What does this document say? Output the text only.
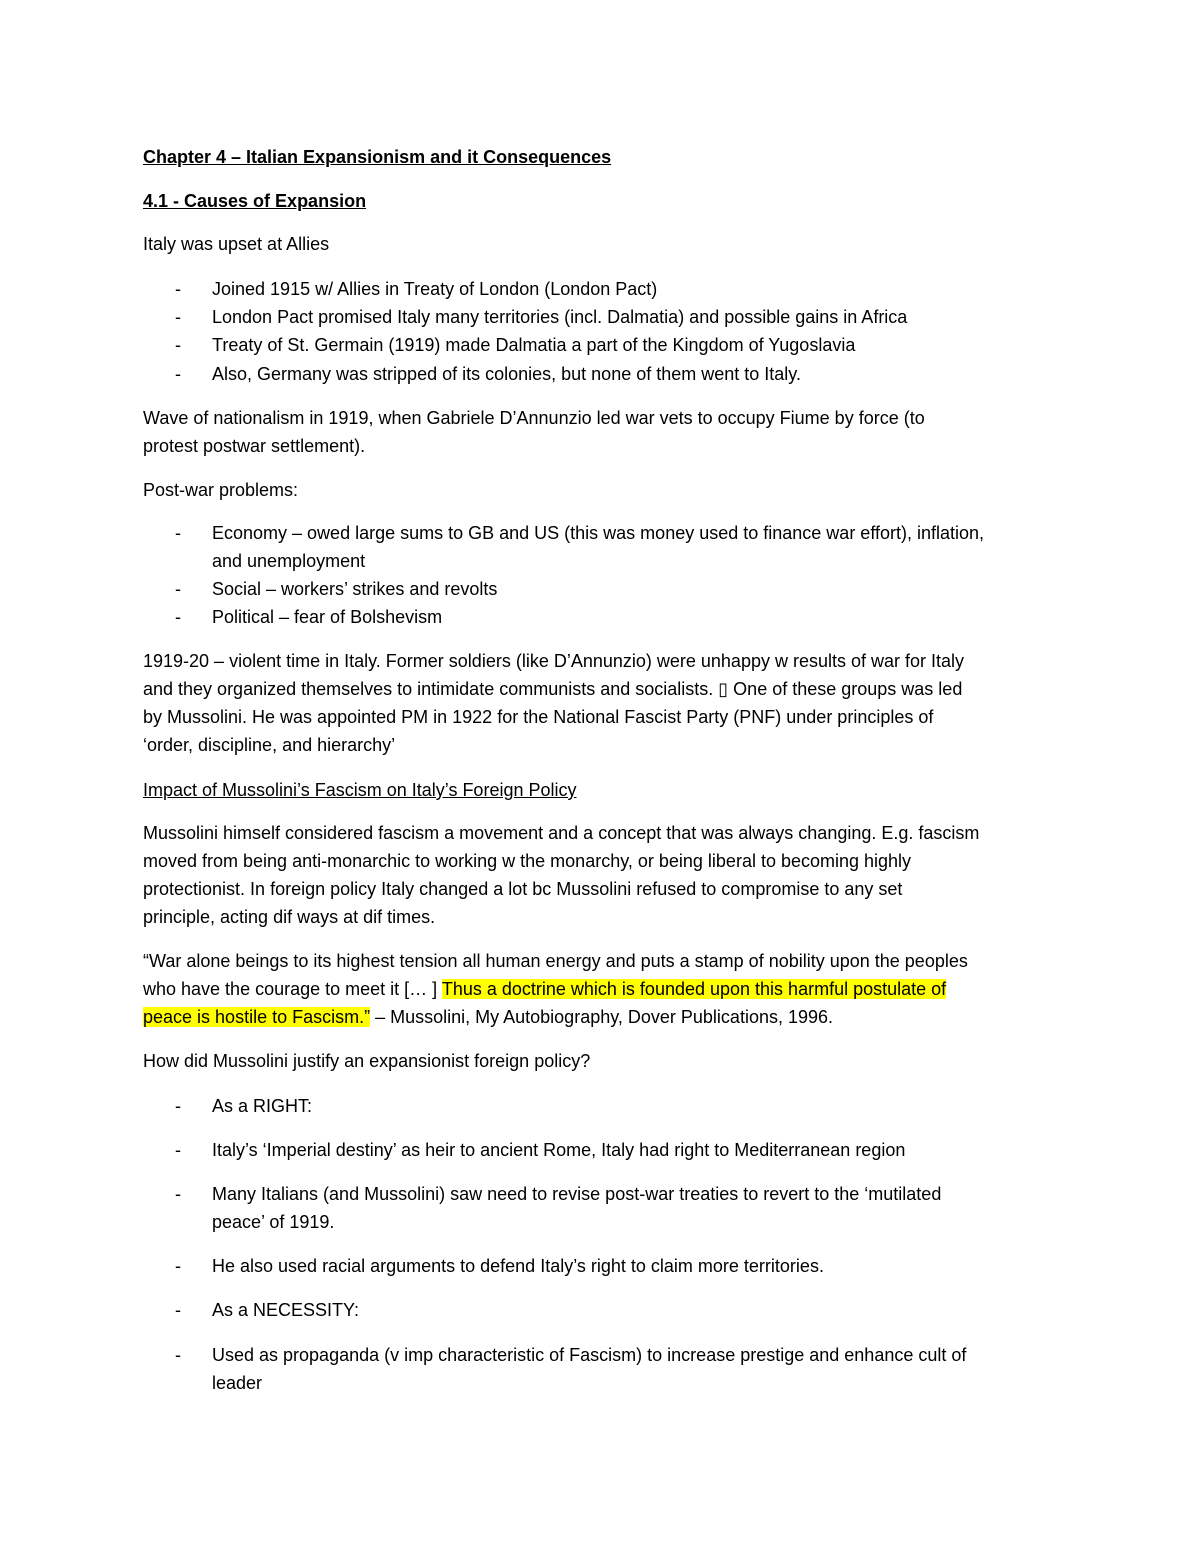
Chapter 4 – Italian Expansionism and it Consequences
4.1 - Causes of Expansion
Italy was upset at Allies
- Joined 1915 w/ Allies in Treaty of London (London Pact)
- London Pact promised Italy many territories (incl. Dalmatia) and possible gains in Africa
- Treaty of St. Germain (1919) made Dalmatia a part of the Kingdom of Yugoslavia
- Also, Germany was stripped of its colonies, but none of them went to Italy.
Wave of nationalism in 1919, when Gabriele D’Annunzio led war vets to occupy Fiume by force (to
protest postwar settlement).
Post-war problems:
- Economy – owed large sums to GB and US (this was money used to finance war effort), inflation,
and unemployment
- Social – workers’ strikes and revolts
- Political – fear of Bolshevism
1919-20 – violent time in Italy. Former soldiers (like D’Annunzio) were unhappy w results of war for Italy
and they organized themselves to intimidate communists and socialists. ▯ One of these groups was led
by Mussolini. He was appointed PM in 1922 for the National Fascist Party (PNF) under principles of
‘order, discipline, and hierarchy’
Impact of Mussolini’s Fascism on Italy’s Foreign Policy
Mussolini himself considered fascism a movement and a concept that was always changing. E.g. fascism
moved from being anti-monarchic to working w the monarchy, or being liberal to becoming highly
protectionist. In foreign policy Italy changed a lot bc Mussolini refused to compromise to any set
principle, acting dif ways at dif times.
“War alone beings to its highest tension all human energy and puts a stamp of nobility upon the peoples
who have the courage to meet it [… ] Thus a doctrine which is founded upon this harmful postulate of
peace is hostile to Fascism.” – Mussolini, My Autobiography, Dover Publications, 1996.
How did Mussolini justify an expansionist foreign policy?
- As a RIGHT:
- Italy’s ‘Imperial destiny’ as heir to ancient Rome, Italy had right to Mediterranean region
- Many Italians (and Mussolini) saw need to revise post-war treaties to revert to the ‘mutilated
peace’ of 1919.
- He also used racial arguments to defend Italy’s right to claim more territories.
- As a NECESSITY:
- Used as propaganda (v imp characteristic of Fascism) to increase prestige and enhance cult of
leader
